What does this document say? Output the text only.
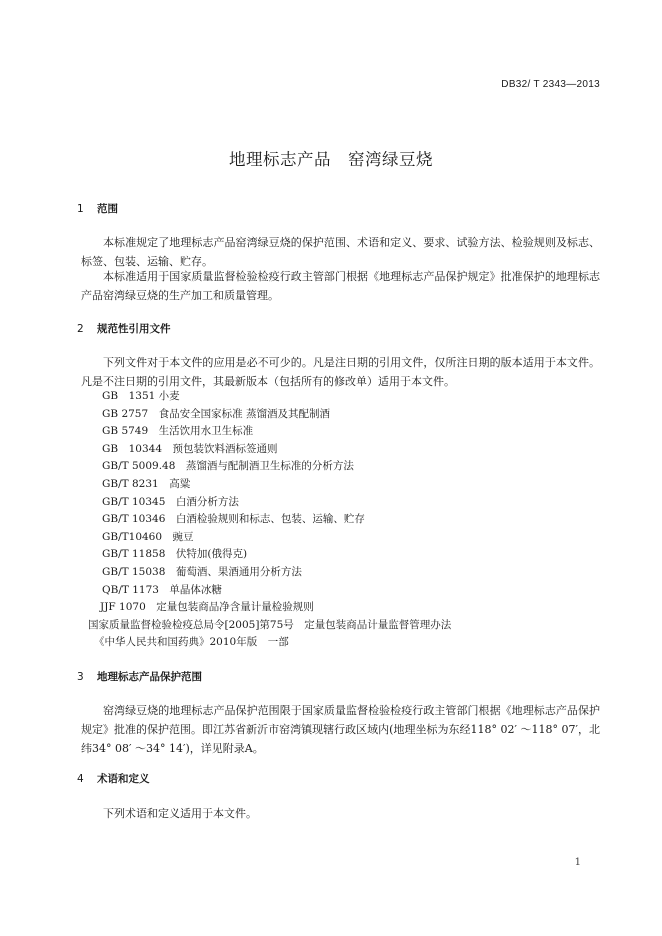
DB32/ T 2343—2013
地理标志产品　窑湾绿豆烧
1 范围

本标准规定了地理标志产品窑湾绿豆烧的保护范围、术语和定义、要求、试验方法、检验规则及标志、标签、包装、运输、贮存。

本标准适用于国家质量监督检验检疫行政主管部门根据《地理标志产品保护规定》批准保护的地理标志产品窑湾绿豆烧的生产加工和质量管理。

2 规范性引用文件

下列文件对于本文件的应用是必不可少的。凡是注日期的引用文件，仅所注日期的版本适用于本文件。凡是不注日期的引用文件，其最新版本（包括所有的修改单）适用于本文件。

GB　1351 小麦
GB 2757　食品安全国家标准 蒸馏酒及其配制酒
GB 5749　生活饮用水卫生标准
GB　10344　预包装饮料酒标签通则
GB/T 5009.48　蒸馏酒与配制酒卫生标准的分析方法
GB/T 8231　高粱
GB/T 10345　白酒分析方法
GB/T 10346　白酒检验规则和标志、包装、运输、贮存
GB/T10460　豌豆
GB/T 11858　伏特加(俄得克)
GB/T 15038　葡萄酒、果酒通用分析方法
QB/T 1173　单晶体冰糖
JJF 1070　定量包装商品净含量计量检验规则
国家质量监督检验检疫总局令[2005]第75号　定量包装商品计量监督管理办法
《中华人民共和国药典》2010年版　一部
3 地理标志产品保护范围

窑湾绿豆烧的地理标志产品保护范围限于国家质量监督检验检疫行政主管部门根据《地理标志产品保护规定》批准的保护范围。即江苏省新沂市窑湾镇现辖行政区域内(地理坐标为东经118° 02′ ～118° 07′，北纬34° 08′ ～34° 14′)，详见附录A。

4 术语和定义

下列术语和定义适用于本文件。

1
